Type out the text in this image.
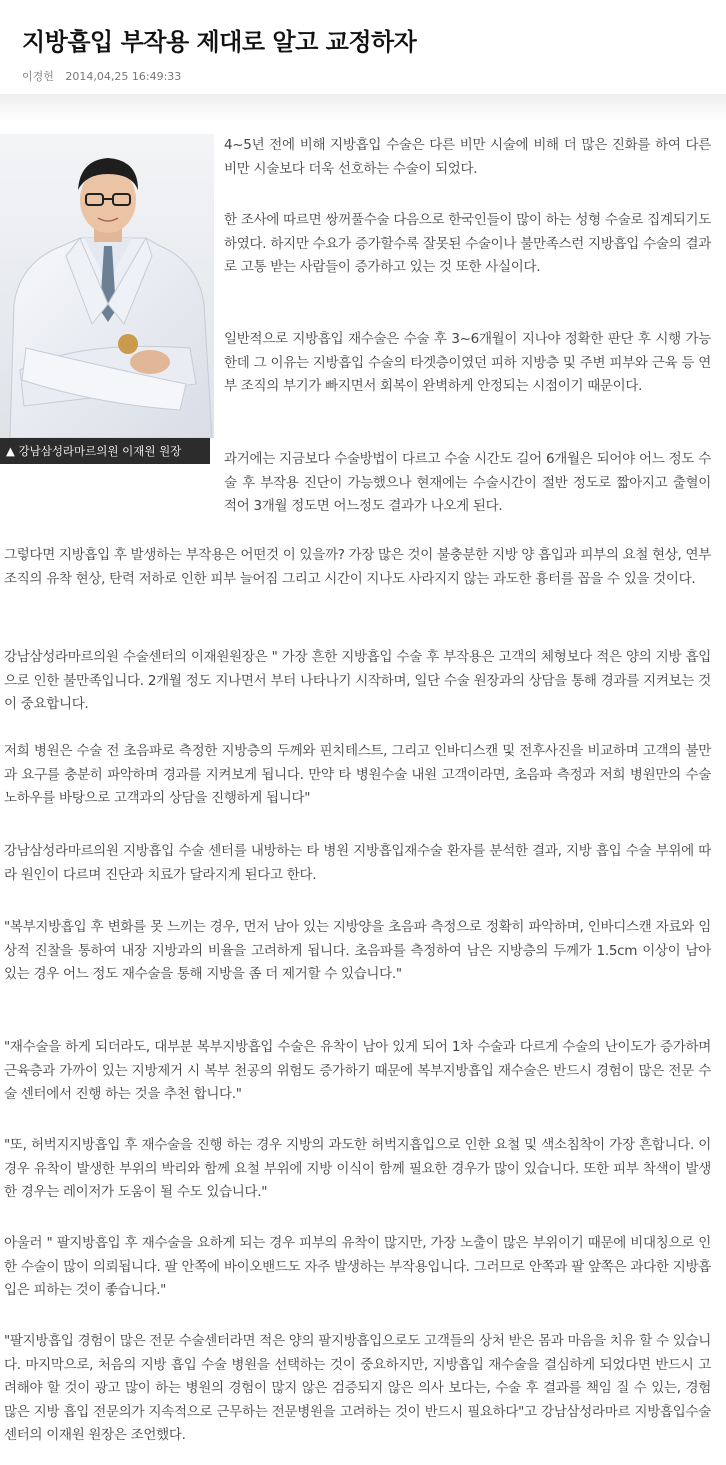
지방흡입 부작용 제대로 알고 교정하자
이경헌 2014,04,25 16:49:33
▲ 강남삼성라마르의원 이재원 원장

4~5년 전에 비해 지방흡입 수술은 다른 비만 시술에 비해 더 많은 진화를 하여 다른 비만 시술보다 더욱 선호하는 수술이 되었다.

한 조사에 따르면 쌍꺼풀수술 다음으로 한국인들이 많이 하는 성형 수술로 집계되기도 하였다. 하지만 수요가 증가할수록 잘못된 수술이나 불만족스런 지방흡입 수술의 결과로 고통 받는 사람들이 증가하고 있는 것 또한 사실이다.

일반적으로 지방흡입 재수술은 수술 후 3~6개월이 지나야 정확한 판단 후 시행 가능한데 그 이유는 지방흡입 수술의 타겟층이였던 피하 지방층 및 주변 피부와 근육 등 연부 조직의 부기가 빠지면서 회복이 완벽하게 안정되는 시점이기 때문이다.

과거에는 지금보다 수술방법이 다르고 수술 시간도 길어 6개월은 되어야 어느 정도 수술 후 부작용 진단이 가능했으나 현재에는 수술시간이 절반 정도로 짧아지고 출혈이 적어 3개월 정도면 어느정도 결과가 나오게 된다.

그렇다면 지방흡입 후 발생하는 부작용은 어떤것 이 있을까? 가장 많은 것이 불충분한 지방 양 흡입과 피부의 요철 현상, 연부 조직의 유착 현상, 탄력 저하로 인한 피부 늘어짐 그리고 시간이 지나도 사라지지 않는 과도한 흉터를 꼽을 수 있을 것이다.

강남삼성라마르의원 수술센터의 이재원원장은 " 가장 흔한 지방흡입 수술 후 부작용은 고객의 체형보다 적은 양의 지방 흡입으로 인한 불만족입니다. 2개월 정도 지나면서 부터 나타나기 시작하며, 일단 수술 원장과의 상담을 통해 경과를 지켜보는 것이 중요합니다.

저희 병원은 수술 전 초음파로 측정한 지방층의 두께와 핀치테스트, 그리고 인바디스캔 및 전후사진을 비교하며 고객의 불만과 요구를 충분히 파악하며 경과를 지켜보게 됩니다. 만약 타 병원수술 내원 고객이라면, 초음파 측정과 저희 병원만의 수술 노하우를 바탕으로 고객과의 상담을 진행하게 됩니다"

강남삼성라마르의원 지방흡입 수술 센터를 내방하는 타 병원 지방흡입재수술 환자를 분석한 결과, 지방 흡입 수술 부위에 따라 원인이 다르며 진단과 치료가 달라지게 된다고 한다.

"복부지방흡입 후 변화를 못 느끼는 경우, 먼저 남아 있는 지방양을 초음파 측정으로 정확히 파악하며, 인바디스캔 자료와 임상적 진찰을 통하여 내장 지방과의 비율을 고려하게 됩니다. 초음파를 측정하여 남은 지방층의 두께가 1.5cm 이상이 남아 있는 경우 어느 정도 재수술을 통해 지방을 좀 더 제거할 수 있습니다."

"재수술을 하게 되더라도, 대부분 복부지방흡입 수술은 유착이 남아 있게 되어 1차 수술과 다르게 수술의 난이도가 증가하며 근육층과 가까이 있는 지방제거 시 복부 천공의 위험도 증가하기 때문에 복부지방흡입 재수술은 반드시 경험이 많은 전문 수술 센터에서 진행 하는 것을 추천 합니다."

"또, 허벅지지방흡입 후 재수술을 진행 하는 경우 지방의 과도한 허벅지흡입으로 인한 요철 및 색소침착이 가장 흔합니다. 이 경우 유착이 발생한 부위의 박리와 함께 요철 부위에 지방 이식이 함께 필요한 경우가 많이 있습니다. 또한 피부 착색이 발생한 경우는 레이저가 도움이 될 수도 있습니다."

아울러 " 팔지방흡입 후 재수술을 요하게 되는 경우 피부의 유착이 많지만, 가장 노출이 많은 부위이기 때문에 비대칭으로 인한 수술이 많이 의뢰됩니다. 팔 안쪽에 바이오밴드도 자주 발생하는 부작용입니다. 그러므로 안쪽과 팔 앞쪽은 과다한 지방흡입은 피하는 것이 좋습니다."

"팔지방흡입 경험이 많은 전문 수술센터라면 적은 양의 팔지방흡입으로도 고객들의 상처 받은 몸과 마음을 치유 할 수 있습니다. 마지막으로, 처음의 지방 흡입 수술 병원을 선택하는 것이 중요하지만, 지방흡입 재수술을 결심하게 되었다면 반드시 고려해야 할 것이 광고 많이 하는 병원의 경험이 많지 않은 검증되지 않은 의사 보다는, 수술 후 결과를 책임 질 수 있는, 경험 많은 지방 흡입 전문의가 지속적으로 근무하는 전문병원을 고려하는 것이 반드시 필요하다"고 강남삼성라마르 지방흡입수술센터의 이재원 원장은 조언했다.
